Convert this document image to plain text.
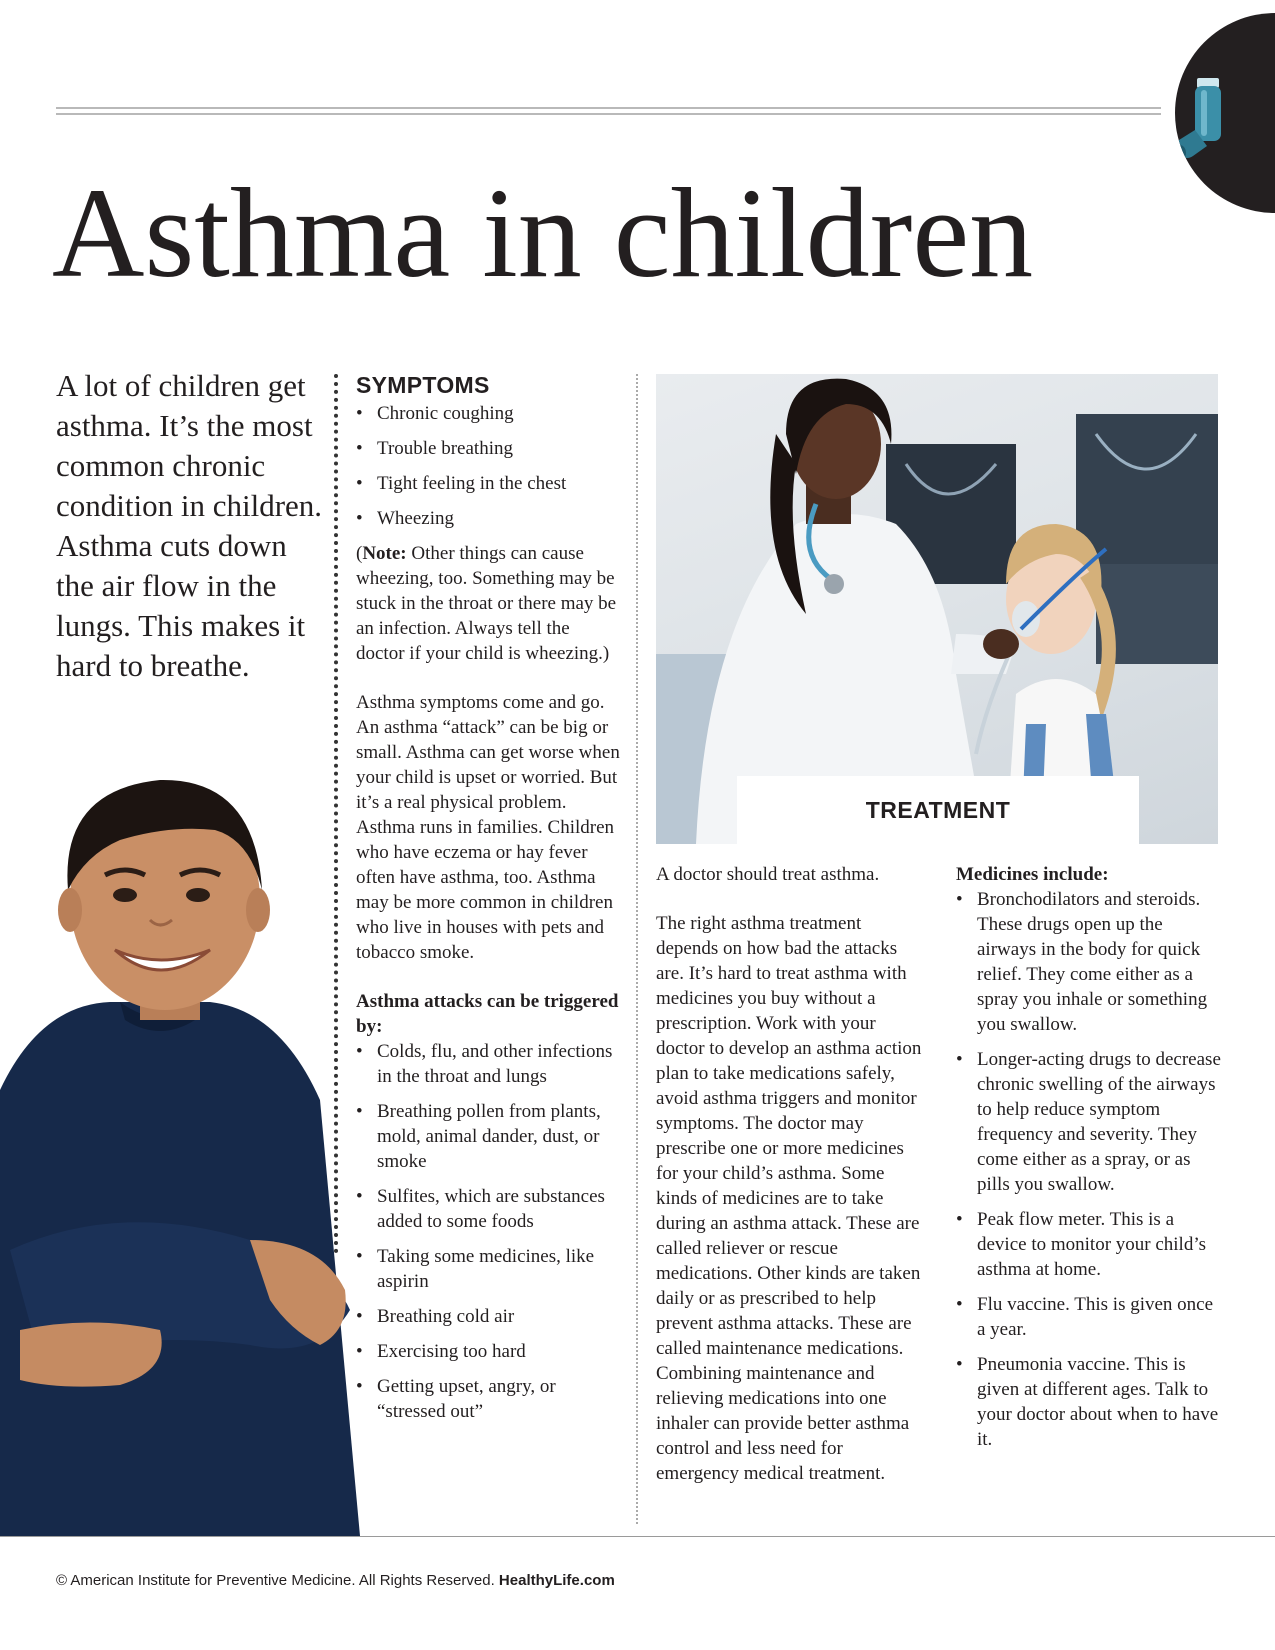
Asthma in children

A lot of children get asthma. It’s the most common chronic condition in children. Asthma cuts down the air flow in the lungs. This makes it hard to breathe.

SYMPTOMS

• Chronic coughing
• Trouble breathing
• Tight feeling in the chest
• Wheezing

(Note: Other things can cause wheezing, too. Something may be stuck in the throat or there may be an infection. Always tell the doctor if your child is wheezing.)

Asthma symptoms come and go. An asthma “attack” can be big or small. Asthma can get worse when your child is upset or worried. But it’s a real physical problem. Asthma runs in families. Children who have eczema or hay fever often have asthma, too. Asthma may be more common in children who live in houses with pets and tobacco smoke.

Asthma attacks can be triggered by:

• Colds, flu, and other infections in the throat and lungs
• Breathing pollen from plants, mold, animal dander, dust, or smoke
• Sulfites, which are substances added to some foods
• Taking some medicines, like aspirin
• Breathing cold air
• Exercising too hard
• Getting upset, angry, or “stressed out”
TREATMENT

A doctor should treat asthma.

The right asthma treatment depends on how bad the attacks are. It’s hard to treat asthma with medicines you buy without a prescription. Work with your doctor to develop an asthma action plan to take medications safely, avoid asthma triggers and monitor symptoms. The doctor may prescribe one or more medicines for your child’s asthma. Some kinds of medicines are to take during an asthma attack. These are called reliever or rescue medications. Other kinds are taken daily or as prescribed to help prevent asthma attacks. These are called maintenance medications. Combining maintenance and relieving medications into one inhaler can provide better asthma control and less need for emergency medical treatment.

Medicines include:

• Bronchodilators and steroids. These drugs open up the airways in the body for quick relief. They come either as a spray you inhale or something you swallow.
• Longer-acting drugs to decrease chronic swelling of the airways to help reduce symptom frequency and severity. They come either as a spray, or as pills you swallow.
• Peak flow meter. This is a device to monitor your child’s asthma at home.
• Flu vaccine. This is given once a year.
• Pneumonia vaccine. This is given at different ages. Talk to your doctor about when to have it.
© American Institute for Preventive Medicine. All Rights Reserved. HealthyLife.com
